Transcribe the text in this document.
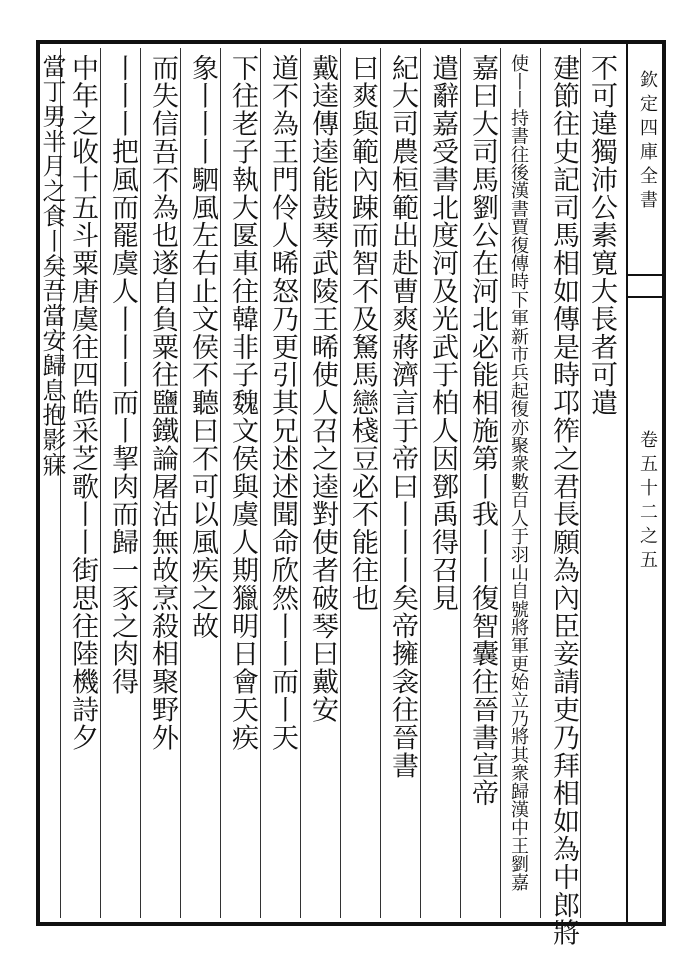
欽定四庫全書
卷五十二之五
不可違獨沛公素寛大長者可遣
建節往史記司馬相如傳是時邛筰之君長願為內臣妾請吏乃拜相如為中郎將
使丨丨持書往後漢書賈復傳時下軍新市兵起復亦聚衆數百人于羽山自號將軍更始立乃將其衆歸漢中王劉嘉
嘉曰大司馬劉公在河北必能相施第丨我丨丨復智囊往晉書宣帝
遣辭嘉受書北度河及光武于柏人因鄧禹得召見
紀大司農桓範出赴曹爽蔣濟言于帝曰丨丨丨矣帝擁衾往晉書
曰爽與範內踈而智不及駑馬戀棧豆必不能往也
戴逵傳逵能鼓琴武陵王晞使人召之逵對使者破琴曰戴安
道不為王門伶人晞怒乃更引其兄述述聞命欣然丨丨而丨天
下往老子執大匽車往韓非子魏文侯與虞人期獵明日會天疾
象丨丨丨駟風左右止文侯不聽曰不可以風疾之故
而失信吾不為也遂自負粟往鹽鐵論屠沽無故烹殺相聚野外
丨丨丨把風而罷虞人丨丨丨而丨挈肉而歸一豕之肉得
中年之收十五斗粟唐虞往四皓采芝歌丨丨街思往陸機詩夕
當丁男半月之食丨矣吾當安歸息抱影寐
